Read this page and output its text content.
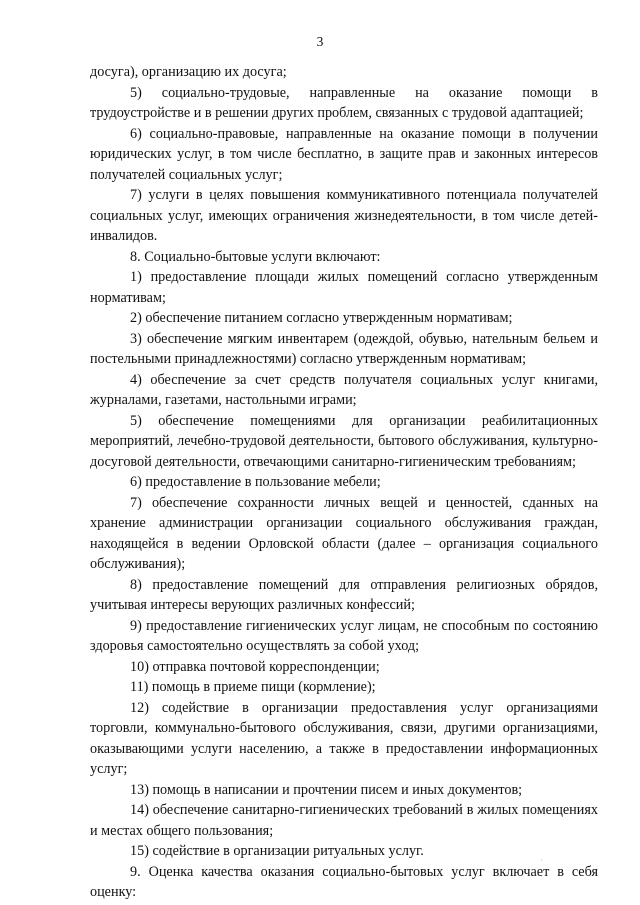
3

досуга), организацию их досуга;

5) социально-трудовые, направленные на оказание помощи в трудоустройстве и в решении других проблем, связанных с трудовой адаптацией;

6) социально-правовые, направленные на оказание помощи в получении юридических услуг, в том числе бесплатно, в защите прав и законных интересов получателей социальных услуг;

7) услуги в целях повышения коммуникативного потенциала получателей социальных услуг, имеющих ограничения жизнедеятельности, в том числе детей-инвалидов.

8. Социально-бытовые услуги включают:

1) предоставление площади жилых помещений согласно утвержденным нормативам;

2) обеспечение питанием согласно утвержденным нормативам;

3) обеспечение мягким инвентарем (одеждой, обувью, нательным бельем и постельными принадлежностями) согласно утвержденным нормативам;

4) обеспечение за счет средств получателя социальных услуг книгами, журналами, газетами, настольными играми;

5) обеспечение помещениями для организации реабилитационных мероприятий, лечебно-трудовой деятельности, бытового обслуживания, культурно-досуговой деятельности, отвечающими санитарно-гигиеническим требованиям;

6) предоставление в пользование мебели;

7) обеспечение сохранности личных вещей и ценностей, сданных на хранение администрации организации социального обслуживания граждан, находящейся в ведении Орловской области (далее – организация социального обслуживания);

8) предоставление помещений для отправления религиозных обрядов, учитывая интересы верующих различных конфессий;

9) предоставление гигиенических услуг лицам, не способным по состоянию здоровья самостоятельно осуществлять за собой уход;

10) отправка почтовой корреспонденции;

11) помощь в приеме пищи (кормление);

12) содействие в организации предоставления услуг организациями торговли, коммунально-бытового обслуживания, связи, другими организациями, оказывающими услуги населению, а также в предоставлении информационных услуг;

13) помощь в написании и прочтении писем и иных документов;

14) обеспечение санитарно-гигиенических требований в жилых помещениях и местах общего пользования;

15) содействие в организации ритуальных услуг.

9. Оценка качества оказания социально-бытовых услуг включает в себя оценку:

·
